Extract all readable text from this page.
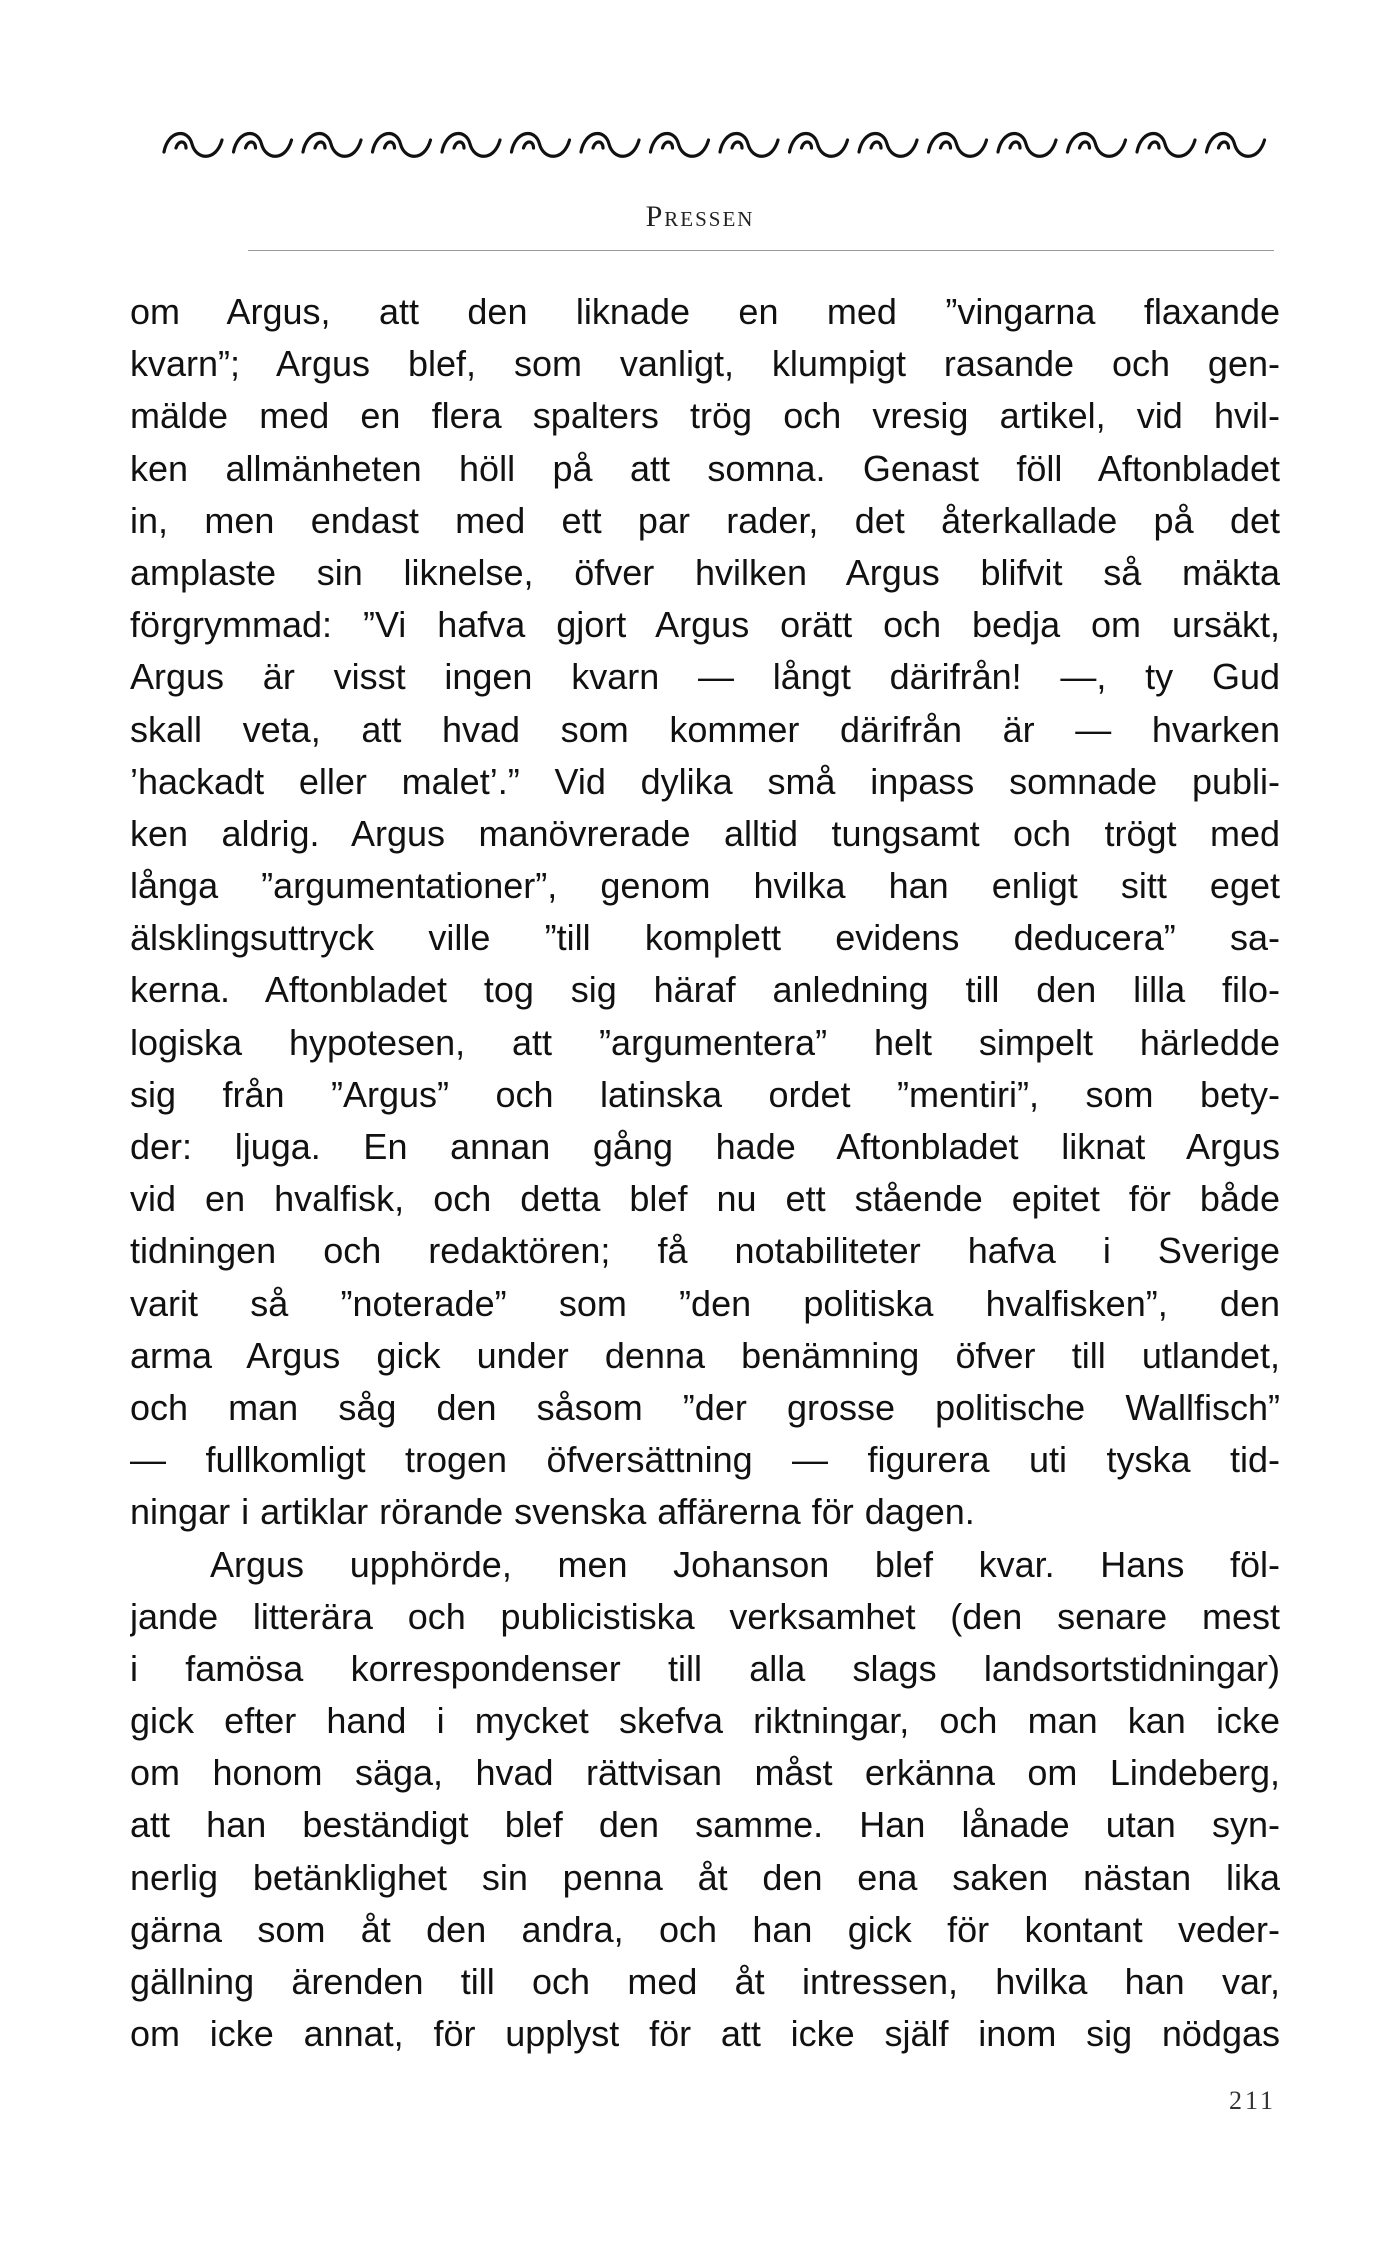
Pressen
om Argus, att den liknade en med ”vingarna flaxande
kvarn”; Argus blef, som vanligt, klumpigt rasande och gen-
mälde med en flera spalters trög och vresig artikel, vid hvil-
ken allmänheten höll på att somna. Genast föll Aftonbladet
in, men endast med ett par rader, det återkallade på det
amplaste sin liknelse, öfver hvilken Argus blifvit så mäkta
förgrymmad: ”Vi hafva gjort Argus orätt och bedja om ursäkt,
Argus är visst ingen kvarn — långt därifrån! —, ty Gud
skall veta, att hvad som kommer därifrån är — hvarken
’hackadt eller malet’.” Vid dylika små inpass somnade publi-
ken aldrig. Argus manövrerade alltid tungsamt och trögt med
långa ”argumentationer”, genom hvilka han enligt sitt eget
älsklingsuttryck ville ”till komplett evidens deducera” sa-
kerna. Aftonbladet tog sig häraf anledning till den lilla filo-
logiska hypotesen, att ”argumentera” helt simpelt härledde
sig från ”Argus” och latinska ordet ”mentiri”, som bety-
der: ljuga. En annan gång hade Aftonbladet liknat Argus
vid en hvalfisk, och detta blef nu ett stående epitet för både
tidningen och redaktören; få notabiliteter hafva i Sverige
varit så ”noterade” som ”den politiska hvalfisken”, den
arma Argus gick under denna benämning öfver till utlandet,
och man såg den såsom ”der grosse politische Wallfisch”
— fullkomligt trogen öfversättning — figurera uti tyska tid-
ningar i artiklar rörande svenska affärerna för dagen.
Argus upphörde, men Johanson blef kvar. Hans föl-
jande litterära och publicistiska verksamhet (den senare mest
i famösa korrespondenser till alla slags landsortstidningar)
gick efter hand i mycket skefva riktningar, och man kan icke
om honom säga, hvad rättvisan måst erkänna om Lindeberg,
att han beständigt blef den samme. Han lånade utan syn-
nerlig betänklighet sin penna åt den ena saken nästan lika
gärna som åt den andra, och han gick för kontant veder-
gällning ärenden till och med åt intressen, hvilka han var,
om icke annat, för upplyst för att icke själf inom sig nödgas
211
